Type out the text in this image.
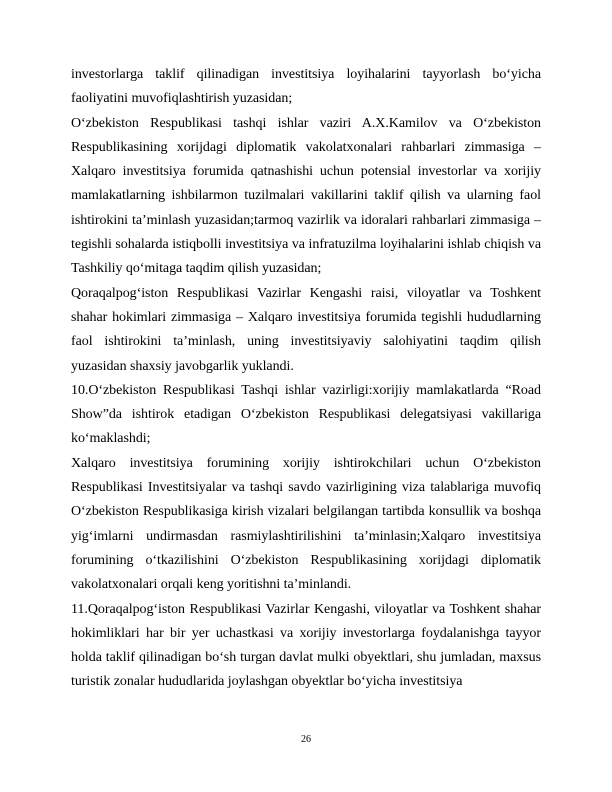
investorlarga taklif qilinadigan investitsiya loyihalarini tayyorlash boʻyicha faoliyatini muvofiqlashtirish yuzasidan;

Oʻzbekiston Respublikasi tashqi ishlar vaziri A.X.Kamilov va Oʻzbekiston Respublikasining xorijdagi diplomatik vakolatxonalari rahbarlari zimmasiga – Xalqaro investitsiya forumida qatnashishi uchun potensial investorlar va xorijiy mamlakatlarning ishbilarmon tuzilmalari vakillarini taklif qilish va ularning faol ishtirokini taʼminlash yuzasidan;tarmoq vazirlik va idoralari rahbarlari zimmasiga – tegishli sohalarda istiqbolli investitsiya va infratuzilma loyihalarini ishlab chiqish va Tashkiliy qoʻmitaga taqdim qilish yuzasidan;

Qoraqalpogʻiston Respublikasi Vazirlar Kengashi raisi, viloyatlar va Toshkent shahar hokimlari zimmasiga – Xalqaro investitsiya forumida tegishli hududlarning faol ishtirokini taʼminlash, uning investitsiyaviy salohiyatini taqdim qilish yuzasidan shaxsiy javobgarlik yuklandi.

10.Oʻzbekiston Respublikasi Tashqi ishlar vazirligi:xorijiy mamlakatlarda “Road Show”da ishtirok etadigan Oʻzbekiston Respublikasi delegatsiyasi vakillariga koʻmaklashdi;

Xalqaro investitsiya forumining xorijiy ishtirokchilari uchun Oʻzbekiston Respublikasi Investitsiyalar va tashqi savdo vazirligining viza talablariga muvofiq Oʻzbekiston Respublikasiga kirish vizalari belgilangan tartibda konsullik va boshqa yigʻimlarni undirmasdan rasmiylashtirilishini taʼminlasin;Xalqaro investitsiya forumining oʻtkazilishini Oʻzbekiston Respublikasining xorijdagi diplomatik vakolatxonalari orqali keng yoritishni taʼminlandi.

11.Qoraqalpogʻiston Respublikasi Vazirlar Kengashi, viloyatlar va Toshkent shahar hokimliklari har bir yer uchastkasi va xorijiy investorlarga foydalanishga tayyor holda taklif qilinadigan boʻsh turgan davlat mulki obyektlari, shu jumladan, maxsus turistik zonalar hududlarida joylashgan obyektlar boʻyicha investitsiya

26
